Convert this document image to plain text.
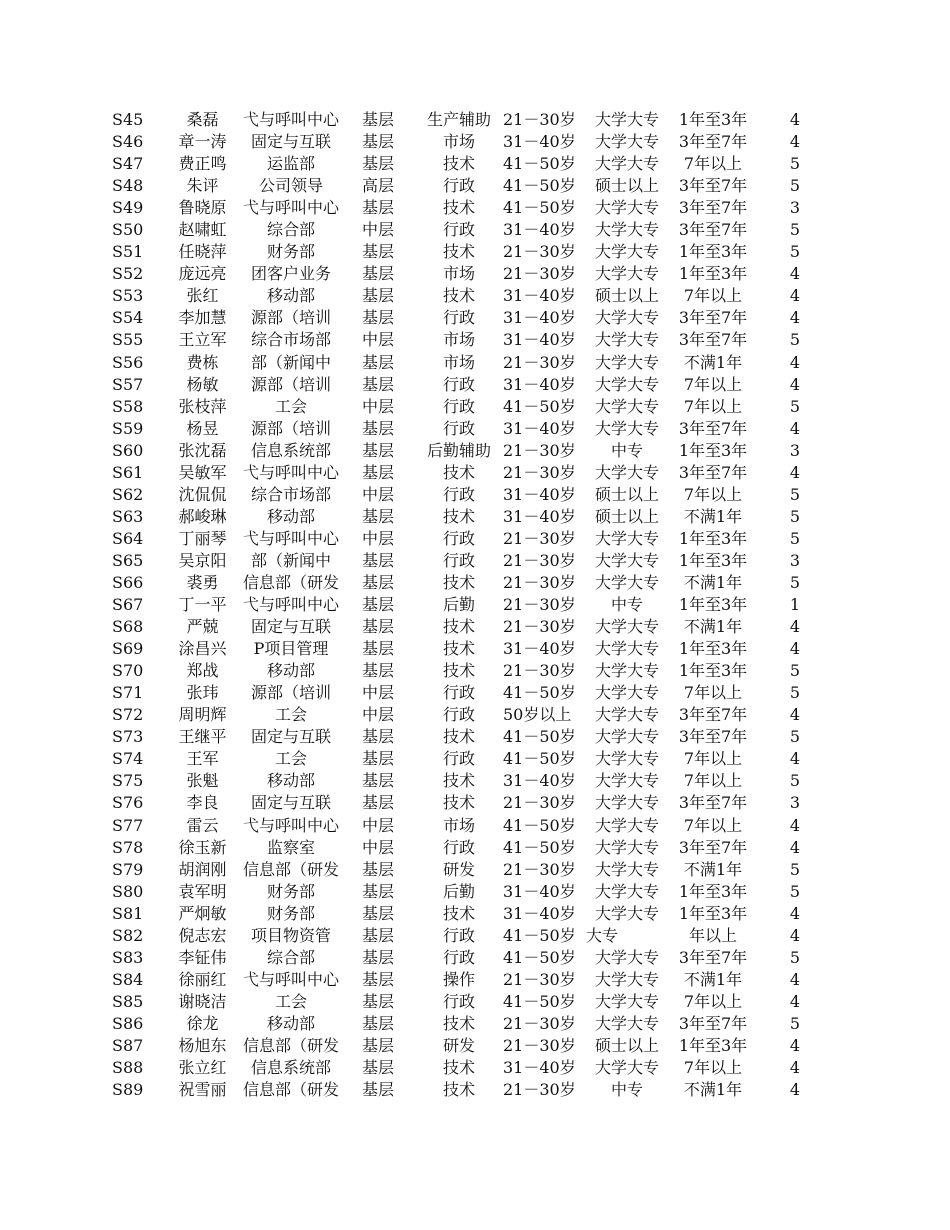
S45	桑磊	弋与呼叫中心	基层	生产辅助 21－30岁	大学大专	1年至3年	4
S46	章一涛	固定与互联	基层	市场	31－40岁	大学大专	3年至7年	4
S47	费正鸣	运监部	基层	技术	41－50岁	大学大专	7年以上	5
S48	朱评	公司领导	高层	行政	41－50岁	硕士以上	3年至7年	5
S49	鲁晓原	弋与呼叫中心	基层	技术	41－50岁	大学大专	3年至7年	3
S50	赵啸虹	综合部	中层	行政	31－40岁	大学大专	3年至7年	5
S51	任晓萍	财务部	基层	技术	21－30岁	大学大专	1年至3年	5
S52	庞远亮	团客户业务	基层	市场	21－30岁	大学大专	1年至3年	4
S53	张红	移动部	基层	技术	31－40岁	硕士以上	7年以上	4
S54	李加慧	源部（培训	基层	行政	31－40岁	大学大专	3年至7年	4
S55	王立军	综合市场部	中层	市场	31－40岁	大学大专	3年至7年	5
S56	费栋	部（新闻中	基层	市场	21－30岁	大学大专	不满1年	4
S57	杨敏	源部（培训	基层	行政	31－40岁	大学大专	7年以上	4
S58	张枝萍	工会	中层	行政	41－50岁	大学大专	7年以上	5
S59	杨昱	源部（培训	基层	行政	31－40岁	大学大专	3年至7年	4
S60	张沈磊	信息系统部	基层	后勤辅助 21－30岁	中专	1年至3年	3
S61	吴敏军	弋与呼叫中心	基层	技术	21－30岁	大学大专	3年至7年	4
S62	沈侃侃	综合市场部	中层	行政	31－40岁	硕士以上	7年以上	5
S63	郝峻琳	移动部	基层	技术	31－40岁	硕士以上	不满1年	5
S64	丁丽琴	弋与呼叫中心	中层	行政	21－30岁	大学大专	1年至3年	5
S65	吴京阳	部（新闻中	基层	行政	21－30岁	大学大专	1年至3年	3
S66	裘勇	信息部（研发	基层	技术	21－30岁	大学大专	不满1年	5
S67	丁一平	弋与呼叫中心	基层	后勤	21－30岁	中专	1年至3年	1
S68	严兢	固定与互联	基层	技术	21－30岁	大学大专	不满1年	4
S69	涂昌兴	P项目管理	基层	技术	31－40岁	大学大专	1年至3年	4
S70	郑战	移动部	基层	技术	21－30岁	大学大专	1年至3年	5
S71	张玮	源部（培训	中层	行政	41－50岁	大学大专	7年以上	5
S72	周明辉	工会	中层	行政	50岁以上	大学大专	3年至7年	4
S73	王继平	固定与互联	基层	技术	41－50岁	大学大专	3年至7年	5
S74	王军	工会	基层	行政	41－50岁	大学大专	7年以上	4
S75	张魁	移动部	基层	技术	31－40岁	大学大专	7年以上	5
S76	李良	固定与互联	基层	技术	21－30岁	大学大专	3年至7年	3
S77	雷云	弋与呼叫中心	中层	市场	41－50岁	大学大专	7年以上	4
S78	徐玉新	监察室	中层	行政	41－50岁	大学大专	3年至7年	4
S79	胡润刚	信息部（研发	基层	研发	21－30岁	大学大专	不满1年	5
S80	袁军明	财务部	基层	后勤	31－40岁	大学大专	1年至3年	5
S81	严炯敏	财务部	基层	技术	31－40岁	大学大专	1年至3年	4
S82	倪志宏	项目物资管	基层	行政	41－50岁 大专	年以上	4
S83	李钲伟	综合部	基层	行政	41－50岁	大学大专	3年至7年	5
S84	徐丽红	弋与呼叫中心	基层	操作	21－30岁	大学大专	不满1年	4
S85	谢晓洁	工会	基层	行政	41－50岁	大学大专	7年以上	4
S86	徐龙	移动部	基层	技术	21－30岁	大学大专	3年至7年	5
S87	杨旭东	信息部（研发	基层	研发	21－30岁	硕士以上	1年至3年	4
S88	张立红	信息系统部	基层	技术	31－40岁	大学大专	7年以上	4
S89	祝雪丽	信息部（研发	基层	技术	21－30岁	中专	不满1年	4
